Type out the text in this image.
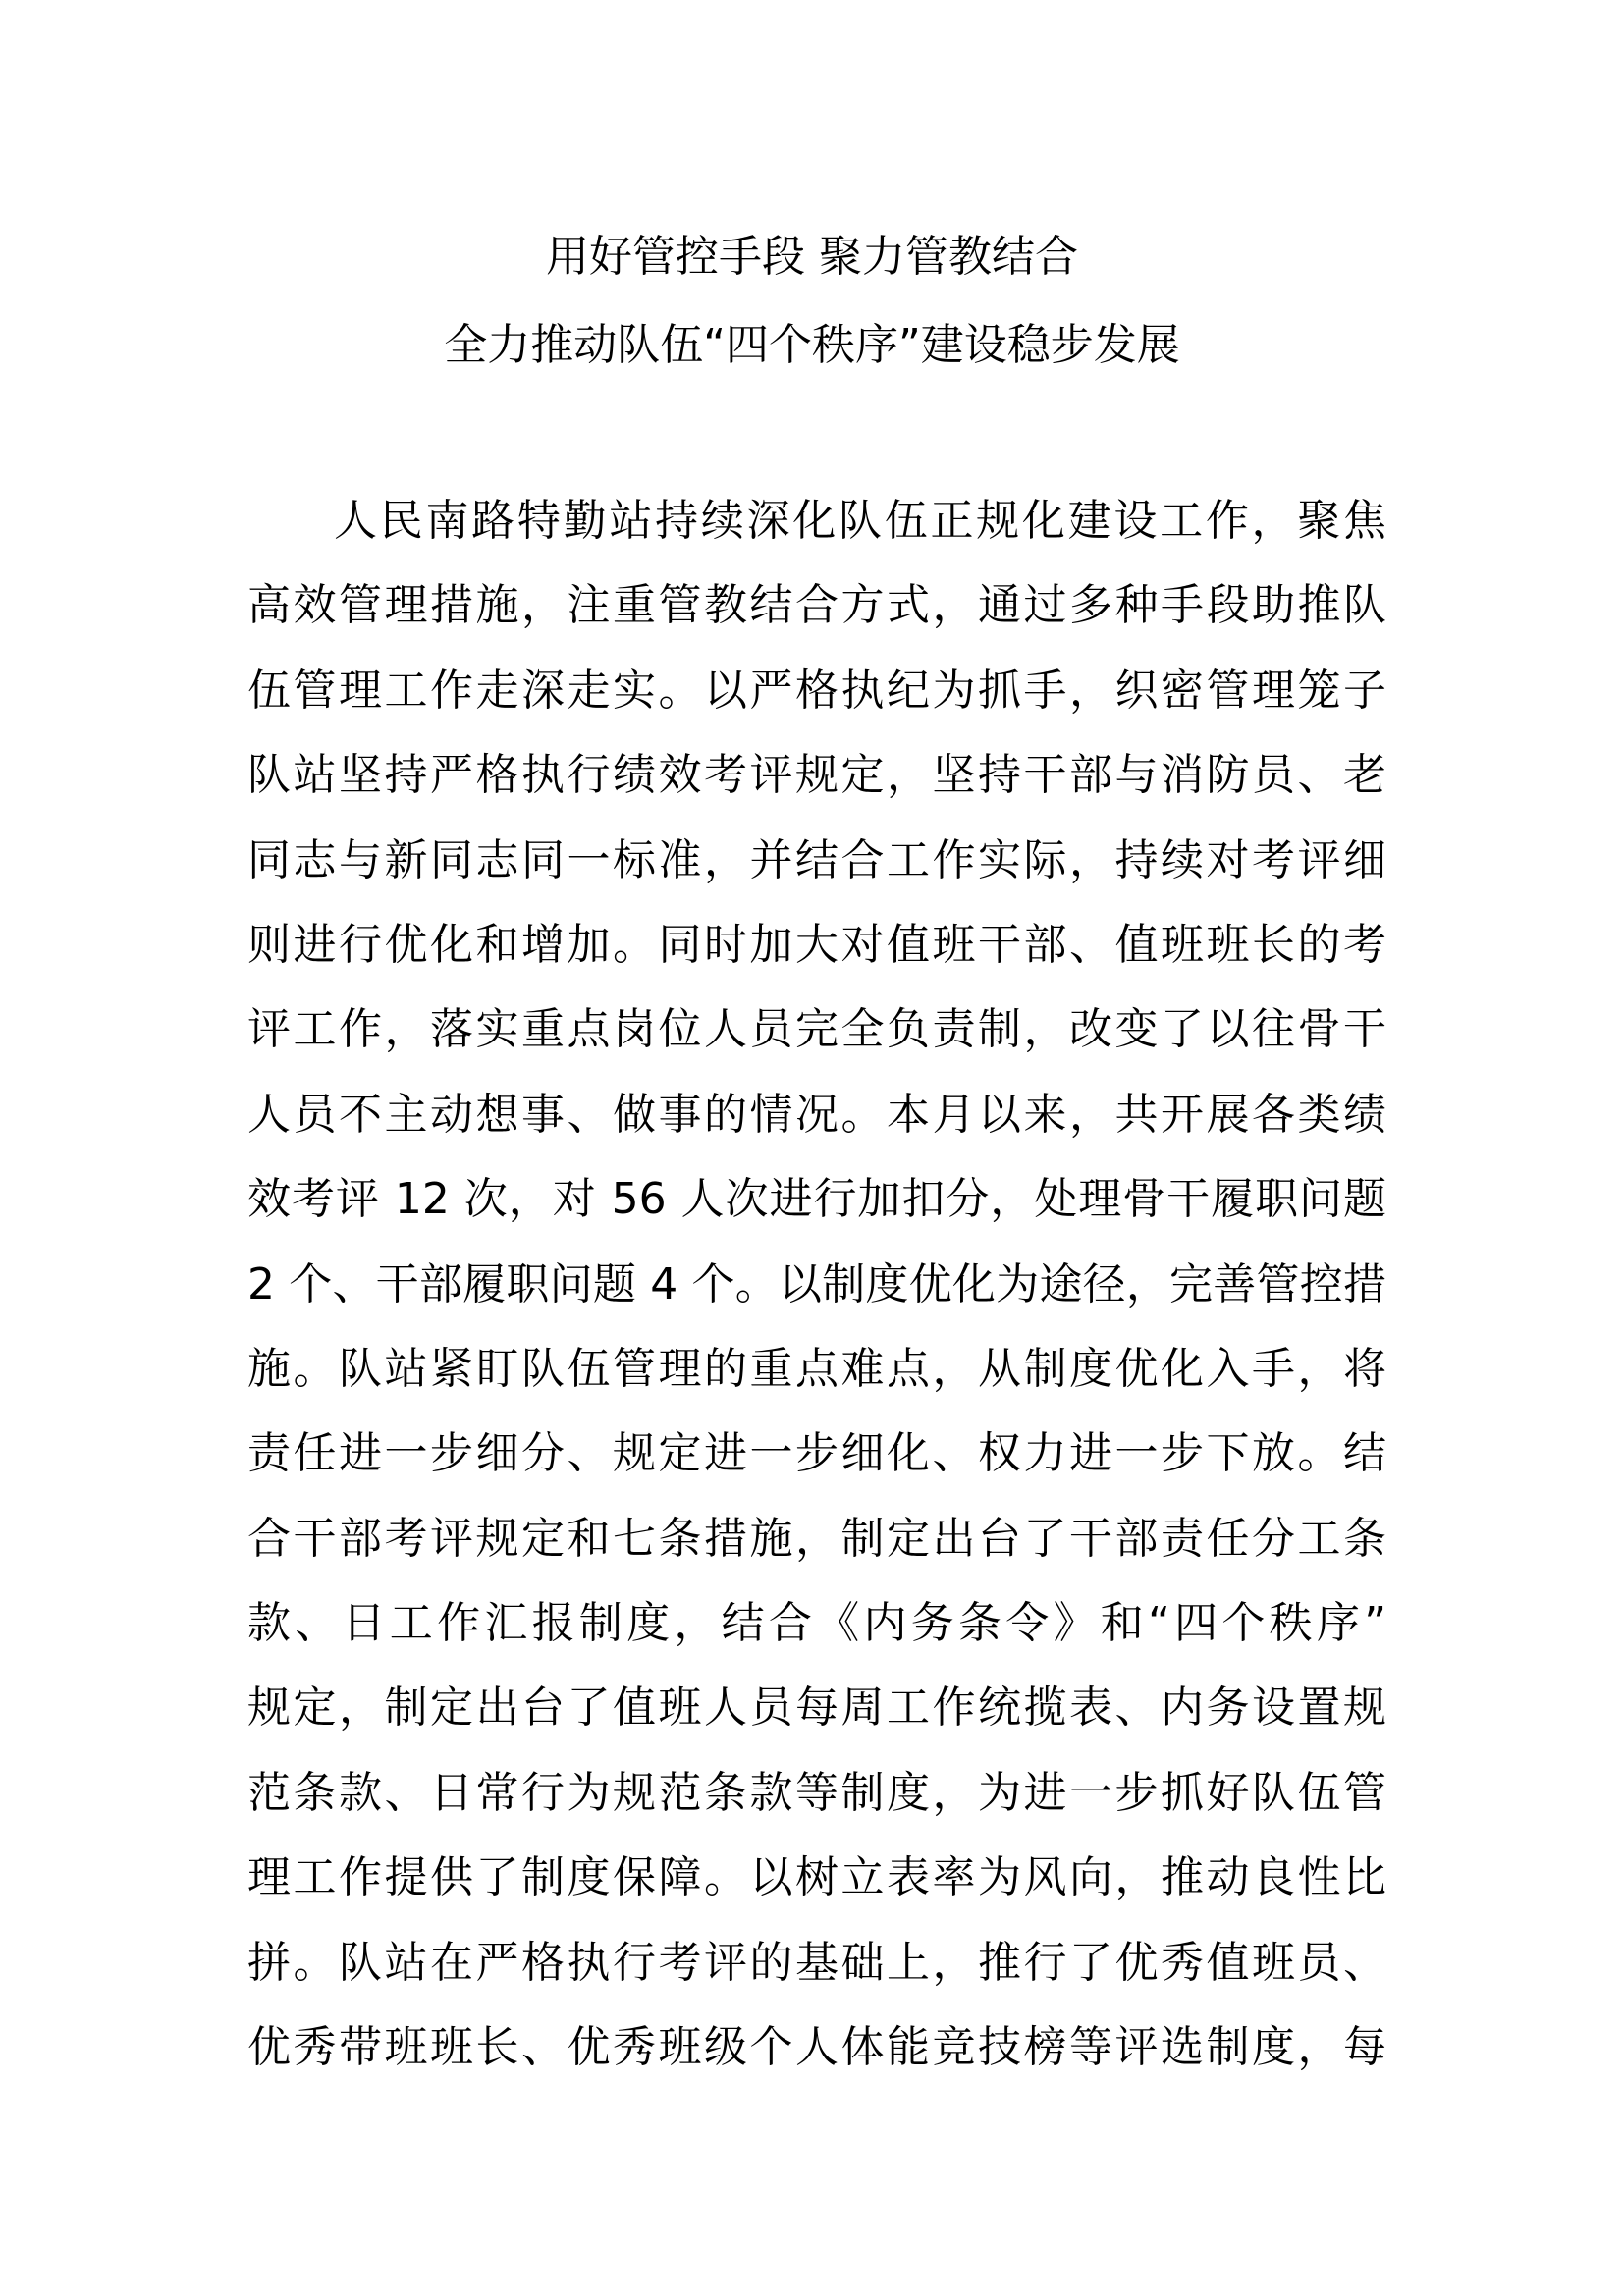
用好管控手段 聚力管教结合
全力推动队伍“四个秩序”建设稳步发展
人民南路特勤站持续深化队伍正规化建设工作，聚焦
高效管理措施，注重管教结合方式，通过多种手段助推队
伍管理工作走深走实。以严格执纪为抓手，织密管理笼子
队站坚持严格执行绩效考评规定，坚持干部与消防员、老
同志与新同志同一标准，并结合工作实际，持续对考评细
则进行优化和增加。同时加大对值班干部、值班班长的考
评工作，落实重点岗位人员完全负责制，改变了以往骨干
人员不主动想事、做事的情况。本月以来，共开展各类绩
效考评 12 次，对 56 人次进行加扣分，处理骨干履职问题
2 个、干部履职问题 4 个。以制度优化为途径，完善管控措
施。队站紧盯队伍管理的重点难点，从制度优化入手，将
责任进一步细分、规定进一步细化、权力进一步下放。结
合干部考评规定和七条措施，制定出台了干部责任分工条
款、日工作汇报制度，结合《内务条令》和“四个秩序”
规定，制定出台了值班人员每周工作统揽表、内务设置规
范条款、日常行为规范条款等制度，为进一步抓好队伍管
理工作提供了制度保障。以树立表率为风向，推动良性比
拼。队站在严格执行考评的基础上，推行了优秀值班员、
优秀带班班长、优秀班级个人体能竞技榜等评选制度，每
